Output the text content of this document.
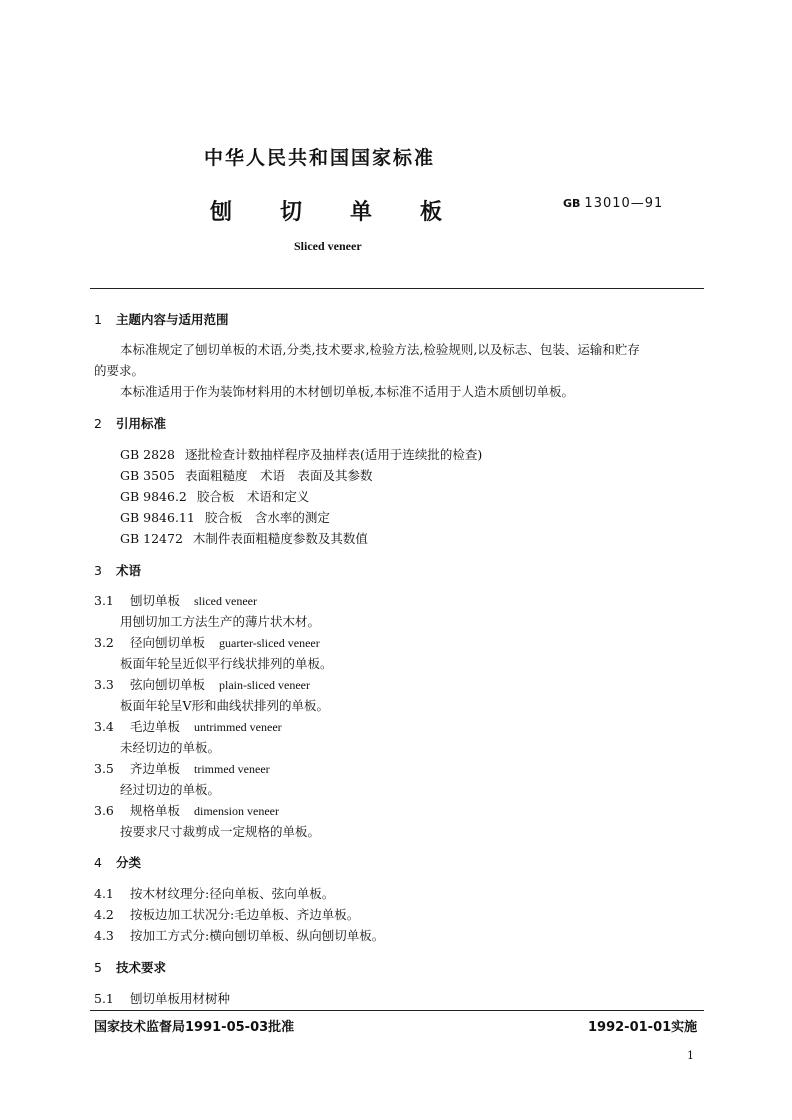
中华人民共和国国家标准
刨切单板	GB 13010—91
Sliced veneer
1 主题内容与适用范围
本标准规定了刨切单板的术语,分类,技术要求,检验方法,检验规则,以及标志、包装、运输和贮存
的要求。
本标准适用于作为装饰材料用的木材刨切单板,本标准不适用于人造木质刨切单板。
2 引用标准
GB 2828 逐批检查计数抽样程序及抽样表(适用于连续批的检查)
GB 3505 表面粗糙度　术语　表面及其参数
GB 9846.2 胶合板　术语和定义
GB 9846.11 胶合板　含水率的测定
GB 12472 木制件表面粗糙度参数及其数值
3 术语
3.1 刨切单板 sliced veneer
用刨切加工方法生产的薄片状木材。
3.2 径向刨切单板 guarter-sliced veneer
板面年轮呈近似平行线状排列的单板。
3.3 弦向刨切单板 plain-sliced veneer
板面年轮呈V形和曲线状排列的单板。
3.4 毛边单板 untrimmed veneer
未经切边的单板。
3.5 齐边单板 trimmed veneer
经过切边的单板。
3.6 规格单板 dimension veneer
按要求尺寸裁剪成一定规格的单板。
4 分类
4.1 按木材纹理分:径向单板、弦向单板。
4.2 按板边加工状况分:毛边单板、齐边单板。
4.3 按加工方式分:横向刨切单板、纵向刨切单板。
5 技术要求
5.1 刨切单板用材树种
国家技术监督局1991-05-03批准	1992-01-01实施
1
